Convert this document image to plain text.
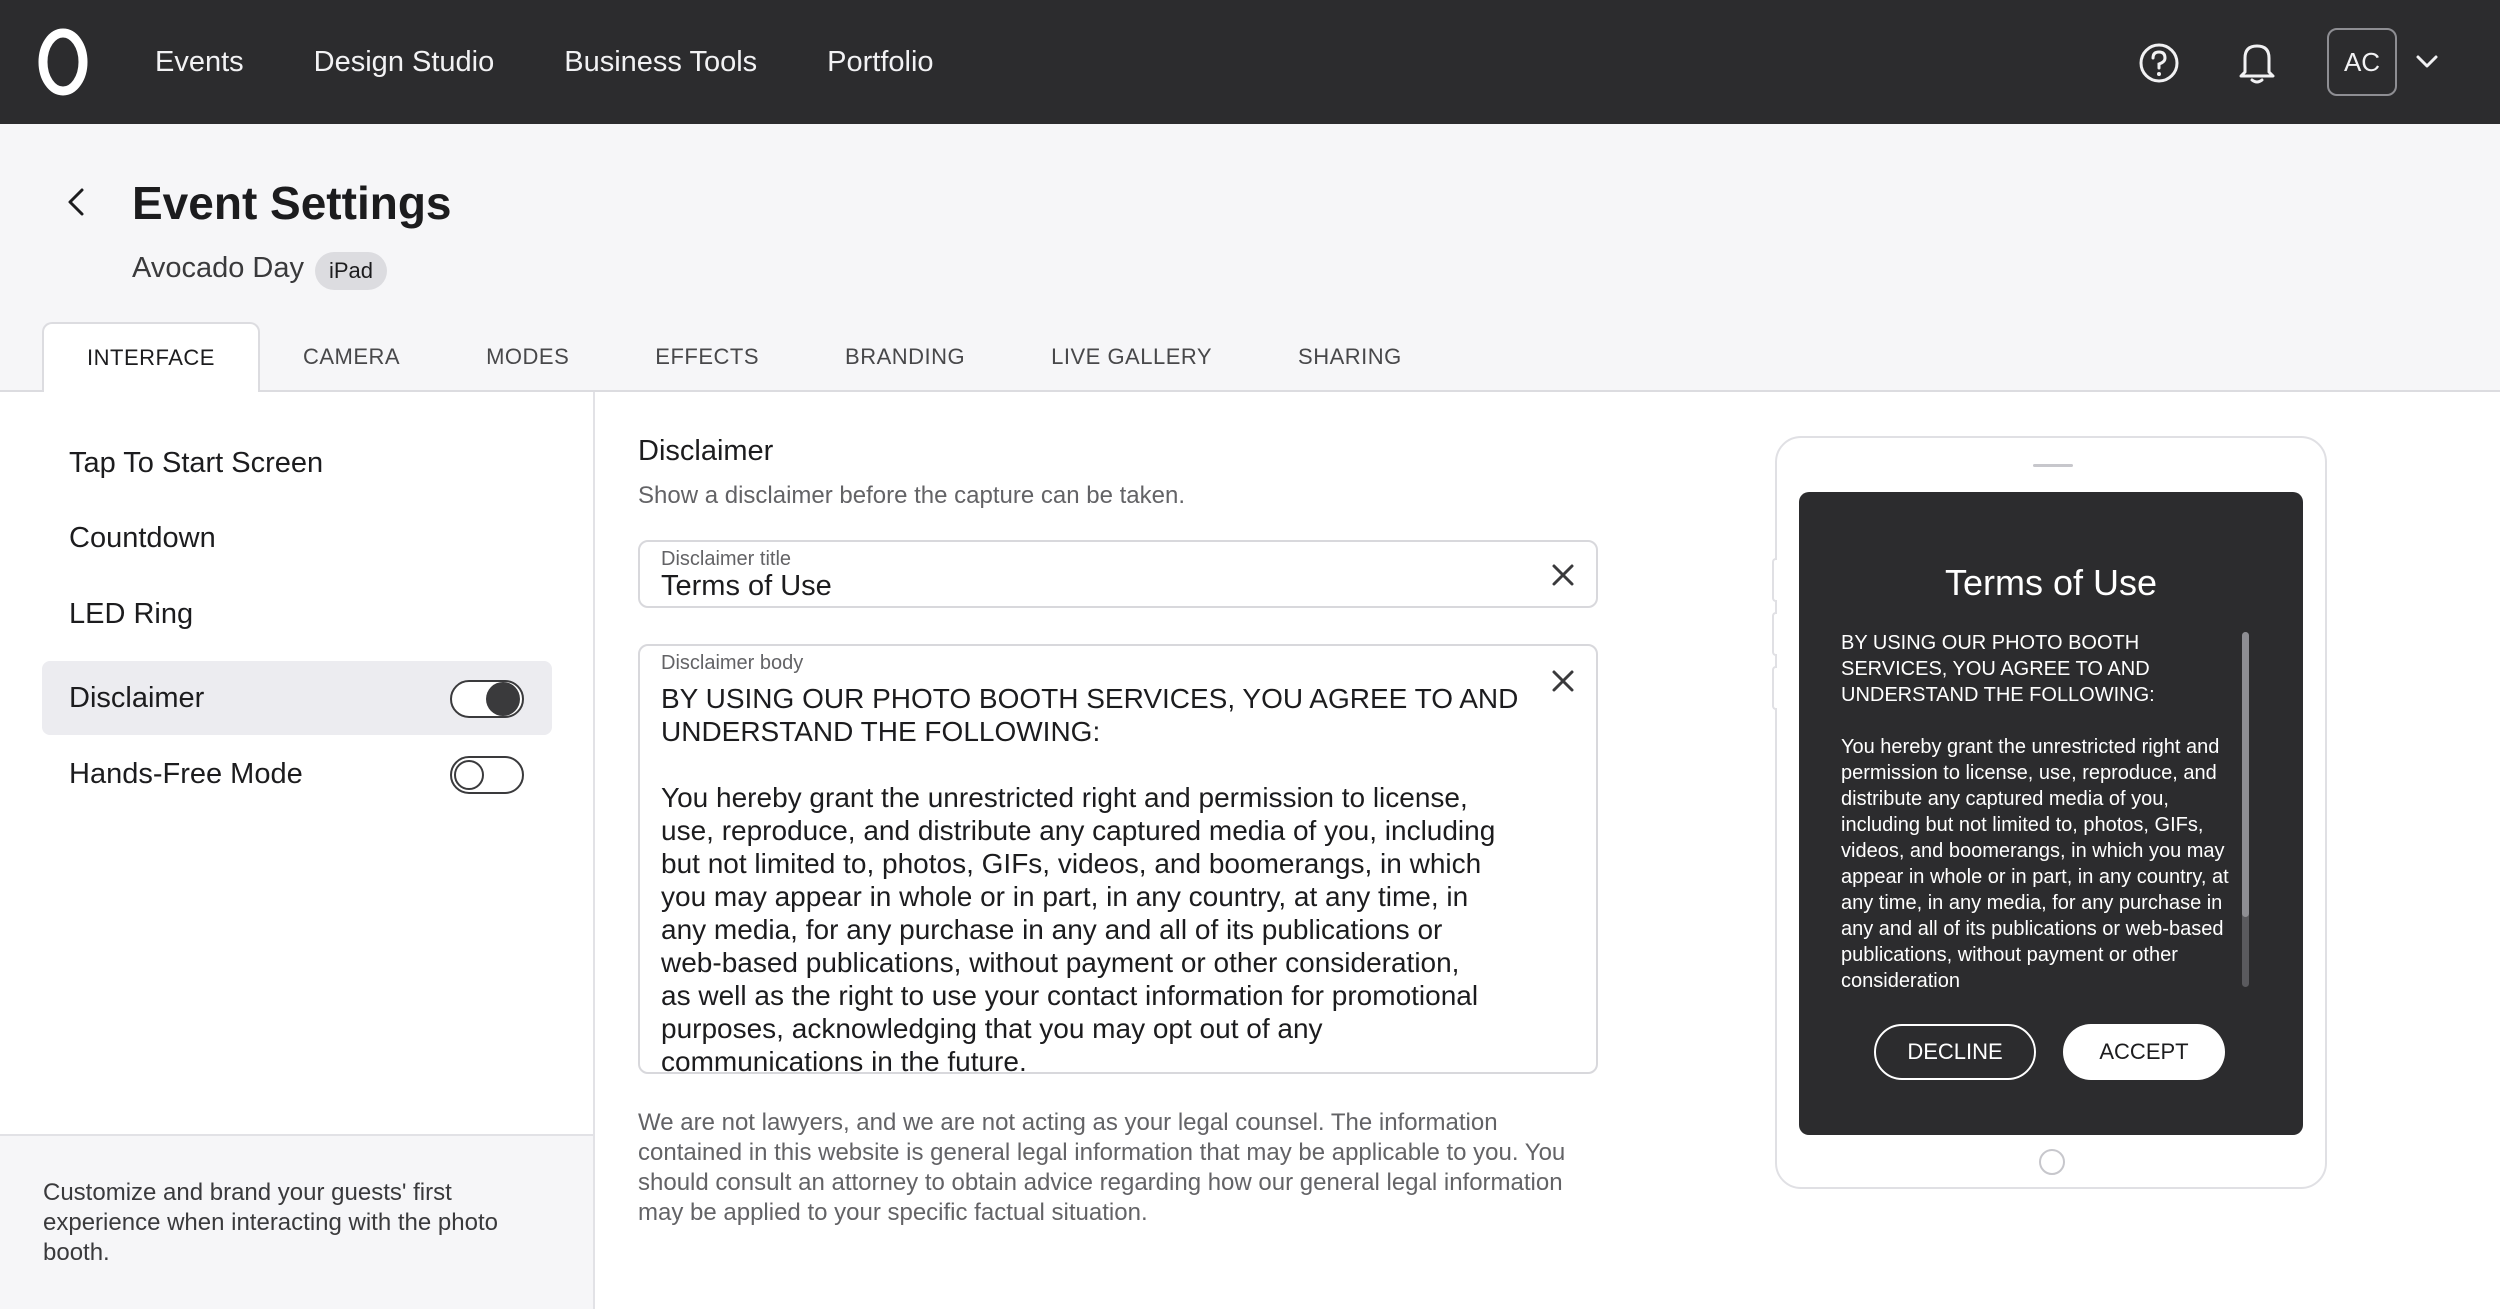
Events Design Studio Business Tools Portfolio	AC
Event Settings
Avocado Day	iPad
INTERFACE	CAMERA	MODES	EFFECTS	BRANDING	LIVE GALLERY	SHARING
Tap To Start Screen
Countdown
LED Ring
Disclaimer
Hands-Free Mode
Customize and brand your guests' first experience when interacting with the photo booth.
Disclaimer
Show a disclaimer before the capture can be taken.
Disclaimer title
Terms of Use
Disclaimer body
BY USING OUR PHOTO BOOTH SERVICES, YOU AGREE TO AND
UNDERSTAND THE FOLLOWING:

You hereby grant the unrestricted right and permission to license,
use, reproduce, and distribute any captured media of you, including
but not limited to, photos, GIFs, videos, and boomerangs, in which
you may appear in whole or in part, in any country, at any time, in
any media, for any purchase in any and all of its publications or
web-based publications, without payment or other consideration,
as well as the right to use your contact information for promotional
purposes, acknowledging that you may opt out of any
communications in the future.
We are not lawyers, and we are not acting as your legal counsel. The information contained in this website is general legal information that may be applicable to you. You should consult an attorney to obtain advice regarding how our general legal information may be applied to your specific factual situation.
Terms of Use
BY USING OUR PHOTO BOOTH SERVICES, YOU AGREE TO AND UNDERSTAND THE FOLLOWING:

You hereby grant the unrestricted right and permission to license, use, reproduce, and distribute any captured media of you, including but not limited to, photos, GIFs, videos, and boomerangs, in which you may appear in whole or in part, in any country, at any time, in any media, for any purchase in any and all of its publications or web-based publications, without payment or other consideration
DECLINE	ACCEPT
